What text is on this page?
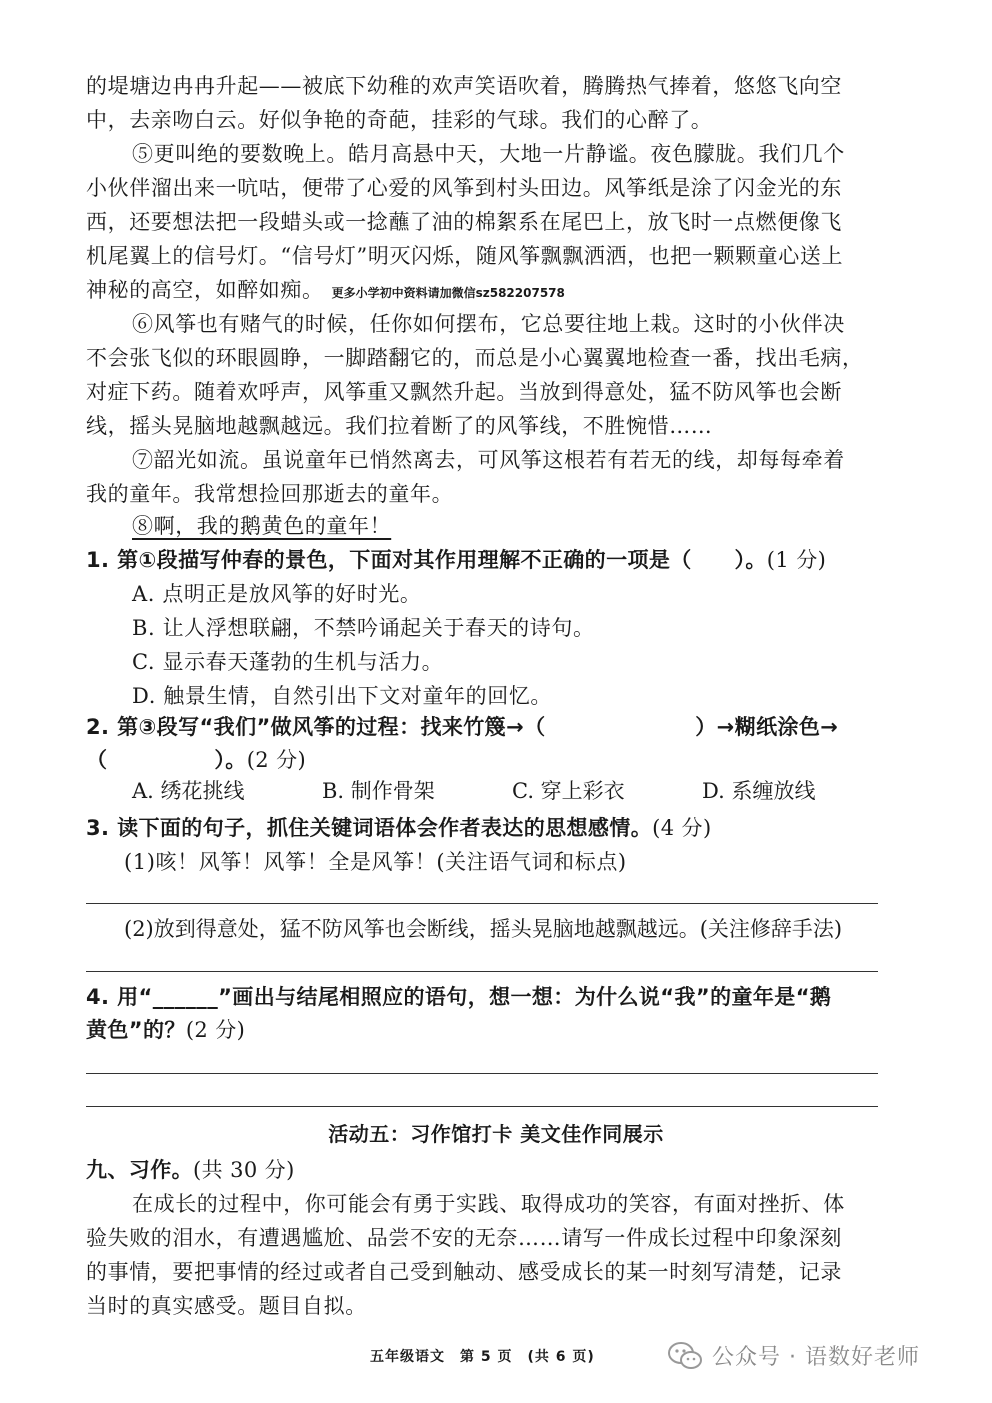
的堤塘边冉冉升起——被底下幼稚的欢声笑语吹着，腾腾热气捧着，悠悠飞向空
中，去亲吻白云。好似争艳的奇葩，挂彩的气球。我们的心醉了。
⑤更叫绝的要数晚上。皓月高悬中天，大地一片静谧。夜色朦胧。我们几个
小伙伴溜出来一吭咕，便带了心爱的风筝到村头田边。风筝纸是涂了闪金光的东
西，还要想法把一段蜡头或一捻蘸了油的棉絮系在尾巴上，放飞时一点燃便像飞
机尾翼上的信号灯。“信号灯”明灭闪烁，随风筝飘飘洒洒，也把一颗颗童心送上
神秘的高空，如醉如痴。 更多小学初中资料请加微信sz582207578
⑥风筝也有赌气的时候，任你如何摆布，它总要往地上栽。这时的小伙伴决
不会张飞似的环眼圆睁，一脚踏翻它的，而总是小心翼翼地检查一番，找出毛病，
对症下药。随着欢呼声，风筝重又飘然升起。当放到得意处，猛不防风筝也会断
线，摇头晃脑地越飘越远。我们拉着断了的风筝线，不胜惋惜……
⑦韶光如流。虽说童年已悄然离去，可风筝这根若有若无的线，却每每牵着
我的童年。我常想捡回那逝去的童年。
⑧啊，我的鹅黄色的童年！
1. 第①段描写仲春的景色，下面对其作用理解不正确的一项是（　　）。(1 分)
A. 点明正是放风筝的好时光。
B. 让人浮想联翩，不禁吟诵起关于春天的诗句。
C. 显示春天蓬勃的生机与活力。
D. 触景生情，自然引出下文对童年的回忆。
2. 第③段写“我们”做风筝的过程：找来竹篾→（　　　　　　　）→糊纸涂色→
（　　　　　）。(2 分)
A. 绣花挑线	B. 制作骨架	C. 穿上彩衣	D. 系缠放线
3. 读下面的句子，抓住关键词语体会作者表达的思想感情。(4 分)
(1)咳！风筝！风筝！全是风筝！(关注语气词和标点)
(2)放到得意处，猛不防风筝也会断线，摇头晃脑地越飘越远。(关注修辞手法)
4. 用“______”画出与结尾相照应的语句，想一想：为什么说“我”的童年是“鹅
黄色”的？(2 分)
活动五：习作馆打卡 美文佳作同展示
九、习作。(共 30 分)
在成长的过程中，你可能会有勇于实践、取得成功的笑容，有面对挫折、体
验失败的泪水，有遭遇尴尬、品尝不安的无奈……请写一件成长过程中印象深刻
的事情，要把事情的经过或者自己受到触动、感受成长的某一时刻写清楚，记录
当时的真实感受。题目自拟。
五年级语文　第 5 页　(共 6 页)	公众号 · 语数好老师
